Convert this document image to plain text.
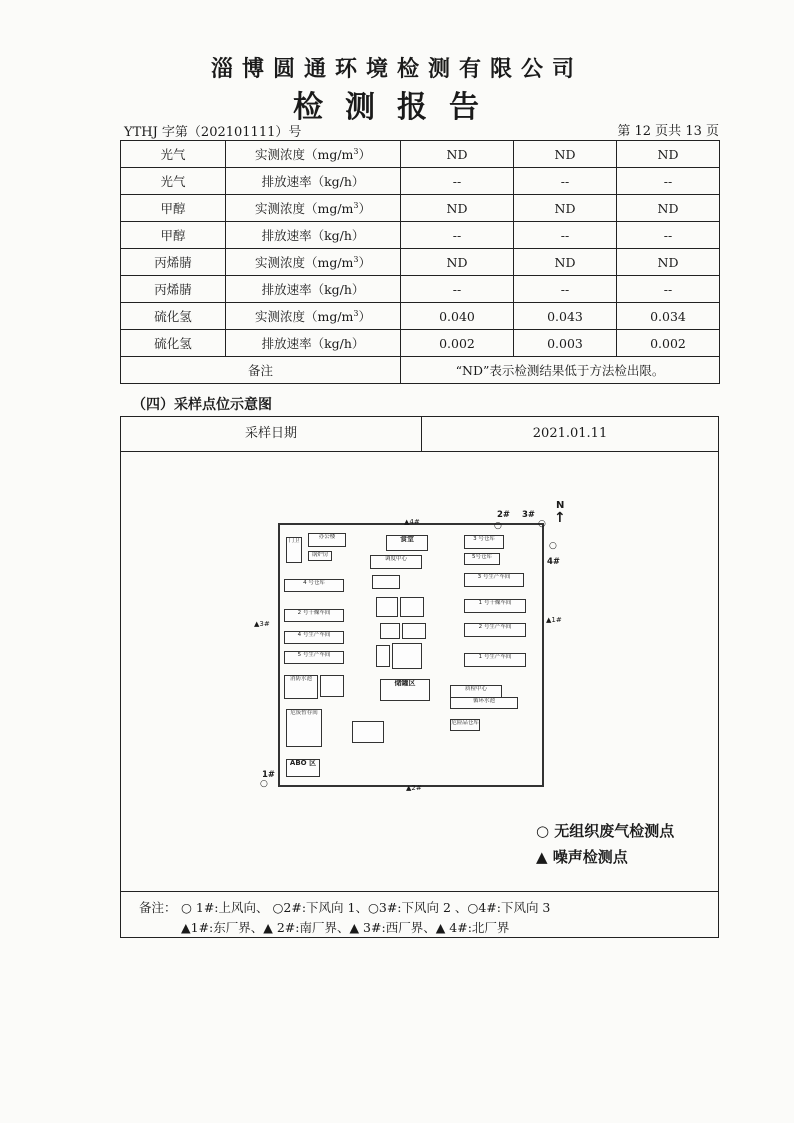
淄博圆通环境检测有限公司
检测报告
YTHJ 字第（202101111）号	第 12 页共 13 页
光气	实测浓度$(mg/m^3)$	ND	ND	ND
光气	排放速率（kg/h）	--	--	--
甲醇	实测浓度$(mg/m^3)$	ND	ND	ND
甲醇	排放速率（kg/h）	--	--	--
丙烯腈	实测浓度$(mg/m^3)$	ND	ND	ND
丙烯腈	排放速率（kg/h）	--	--	--
硫化氢	实测浓度$(mg/m^3)$	0.040	0.043	0.034
硫化氢	排放速率（kg/h）	0.002	0.003	0.002
备注		“ND”表示检测结果低于方法检出限。		
（四）采样点位示意图
采样日期	2021.01.11
备注： ○ 1#:上风向、 ○2#:下风向 1、○3#:下风向 2 、○4#:下风向 3
▲1#:东厂界、▲ 2#:南厂界、▲ 3#:西厂界、▲ 4#:北厂界
门卫
办公楼
锅炉房
食堂
调度中心
3 号仓库
5号仓库
3 号生产车间
4 号仓库
2 号干燥车间
1 号干燥车间
4 号生产车间
2 号生产车间
5 号生产车间	1 号生产车间
储罐区
质检中心
循环水池
危险品仓库
消防水池
危废暂存间
ABO 区
2# 3#
○	○
○
4#
1#
○
N
↑
▲4#
▲2#
▲3#	▲1#
○ 无组织废气检测点
▲ 噪声检测点
